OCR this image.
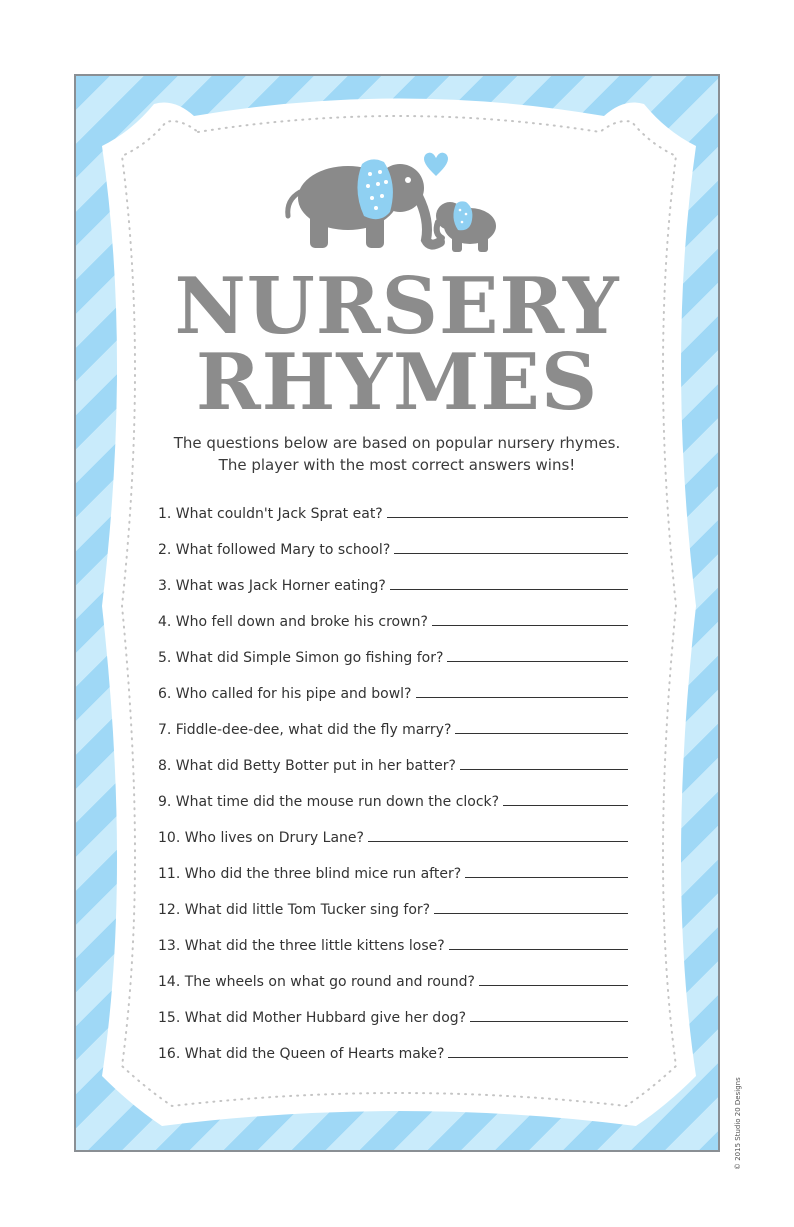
NURSERY
RHYMES

The questions below are based on popular nursery rhymes. The player with the most correct answers wins!

1. What couldn't Jack Sprat eat?
2. What followed Mary to school?
3. What was Jack Horner eating?
4. Who fell down and broke his crown?
5. What did Simple Simon go fishing for?
6. Who called for his pipe and bowl?
7. Fiddle-dee-dee, what did the fly marry?
8. What did Betty Botter put in her batter?
9. What time did the mouse run down the clock?
10. Who lives on Drury Lane?
11. Who did the three blind mice run after?
12. What did little Tom Tucker sing for?
13. What did the three little kittens lose?
14. The wheels on what go round and round?
15. What did Mother Hubbard give her dog?
16. What did the Queen of Hearts make?
© 2015 Studio 20 Designs
